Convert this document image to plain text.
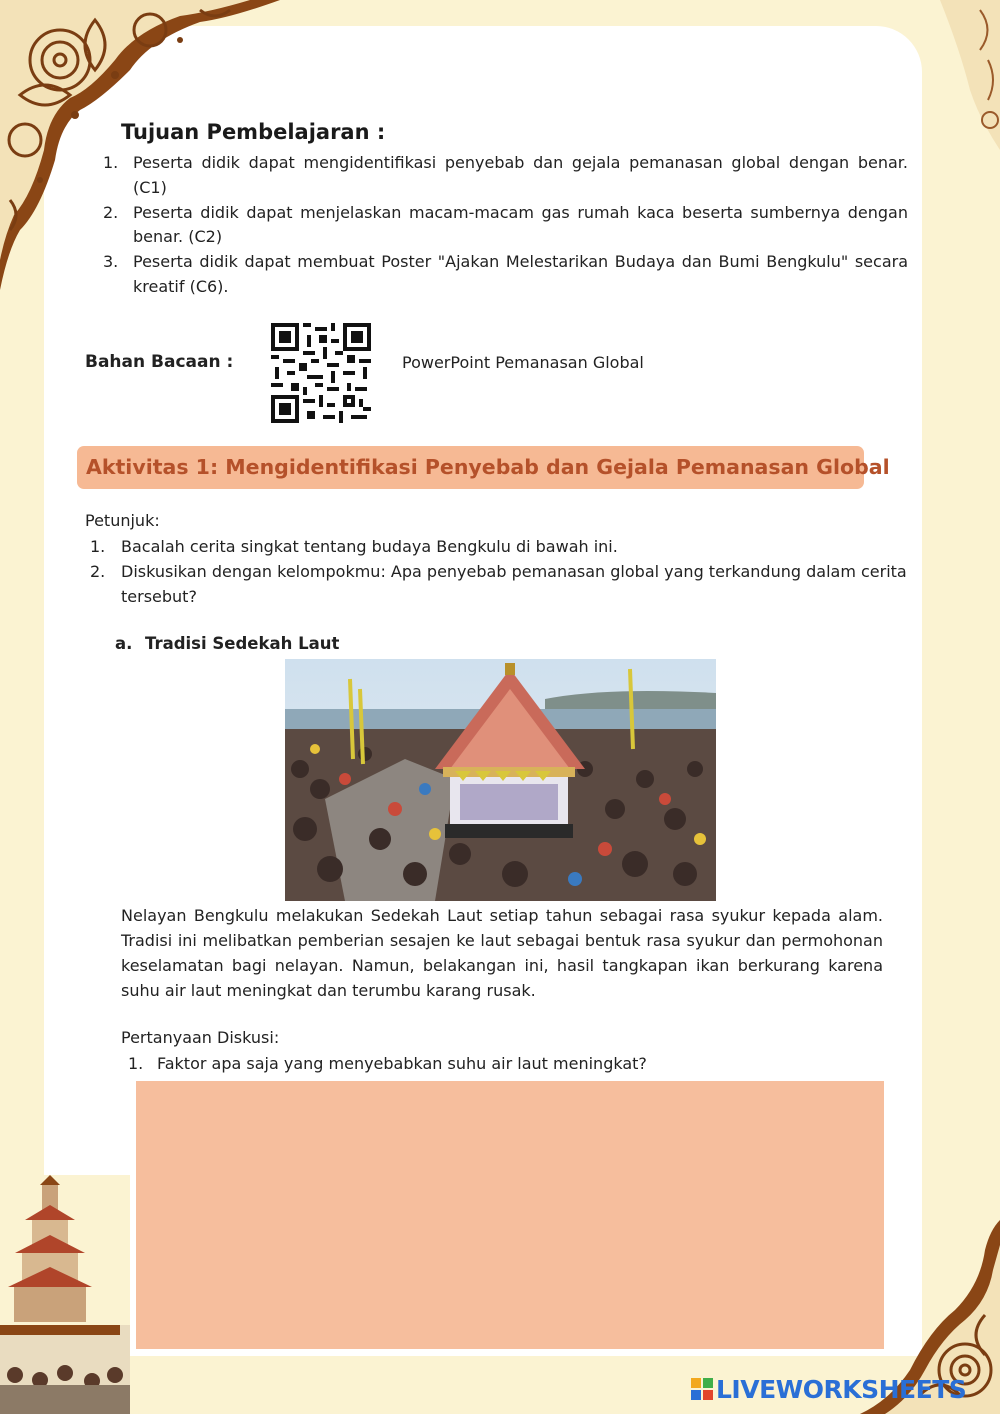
Tujuan Pembelajaran :
1. Peserta didik dapat mengidentifikasi penyebab dan gejala pemanasan global dengan benar. (C1)
2. Peserta didik dapat menjelaskan macam-macam gas rumah kaca beserta sumbernya dengan benar. (C2)
3. Peserta didik dapat membuat Poster "Ajakan Melestarikan Budaya dan Bumi Bengkulu" secara kreatif (C6).
Bahan Bacaan :	PowerPoint Pemanasan Global
Aktivitas 1: Mengidentifikasi Penyebab dan Gejala Pemanasan Global
Petunjuk:
1. Bacalah cerita singkat tentang budaya Bengkulu di bawah ini.
2. Diskusikan dengan kelompokmu: Apa penyebab pemanasan global yang terkandung dalam cerita tersebut?
a. Tradisi Sedekah Laut

Nelayan Bengkulu melakukan Sedekah Laut setiap tahun sebagai rasa syukur kepada alam. Tradisi ini melibatkan pemberian sesajen ke laut sebagai bentuk rasa syukur dan permohonan keselamatan bagi nelayan. Namun, belakangan ini, hasil tangkapan ikan berkurang karena suhu air laut meningkat dan terumbu karang rusak.

Pertanyaan Diskusi:
1. Faktor apa saja yang menyebabkan suhu air laut meningkat?
LIVEWORKSHEETS
